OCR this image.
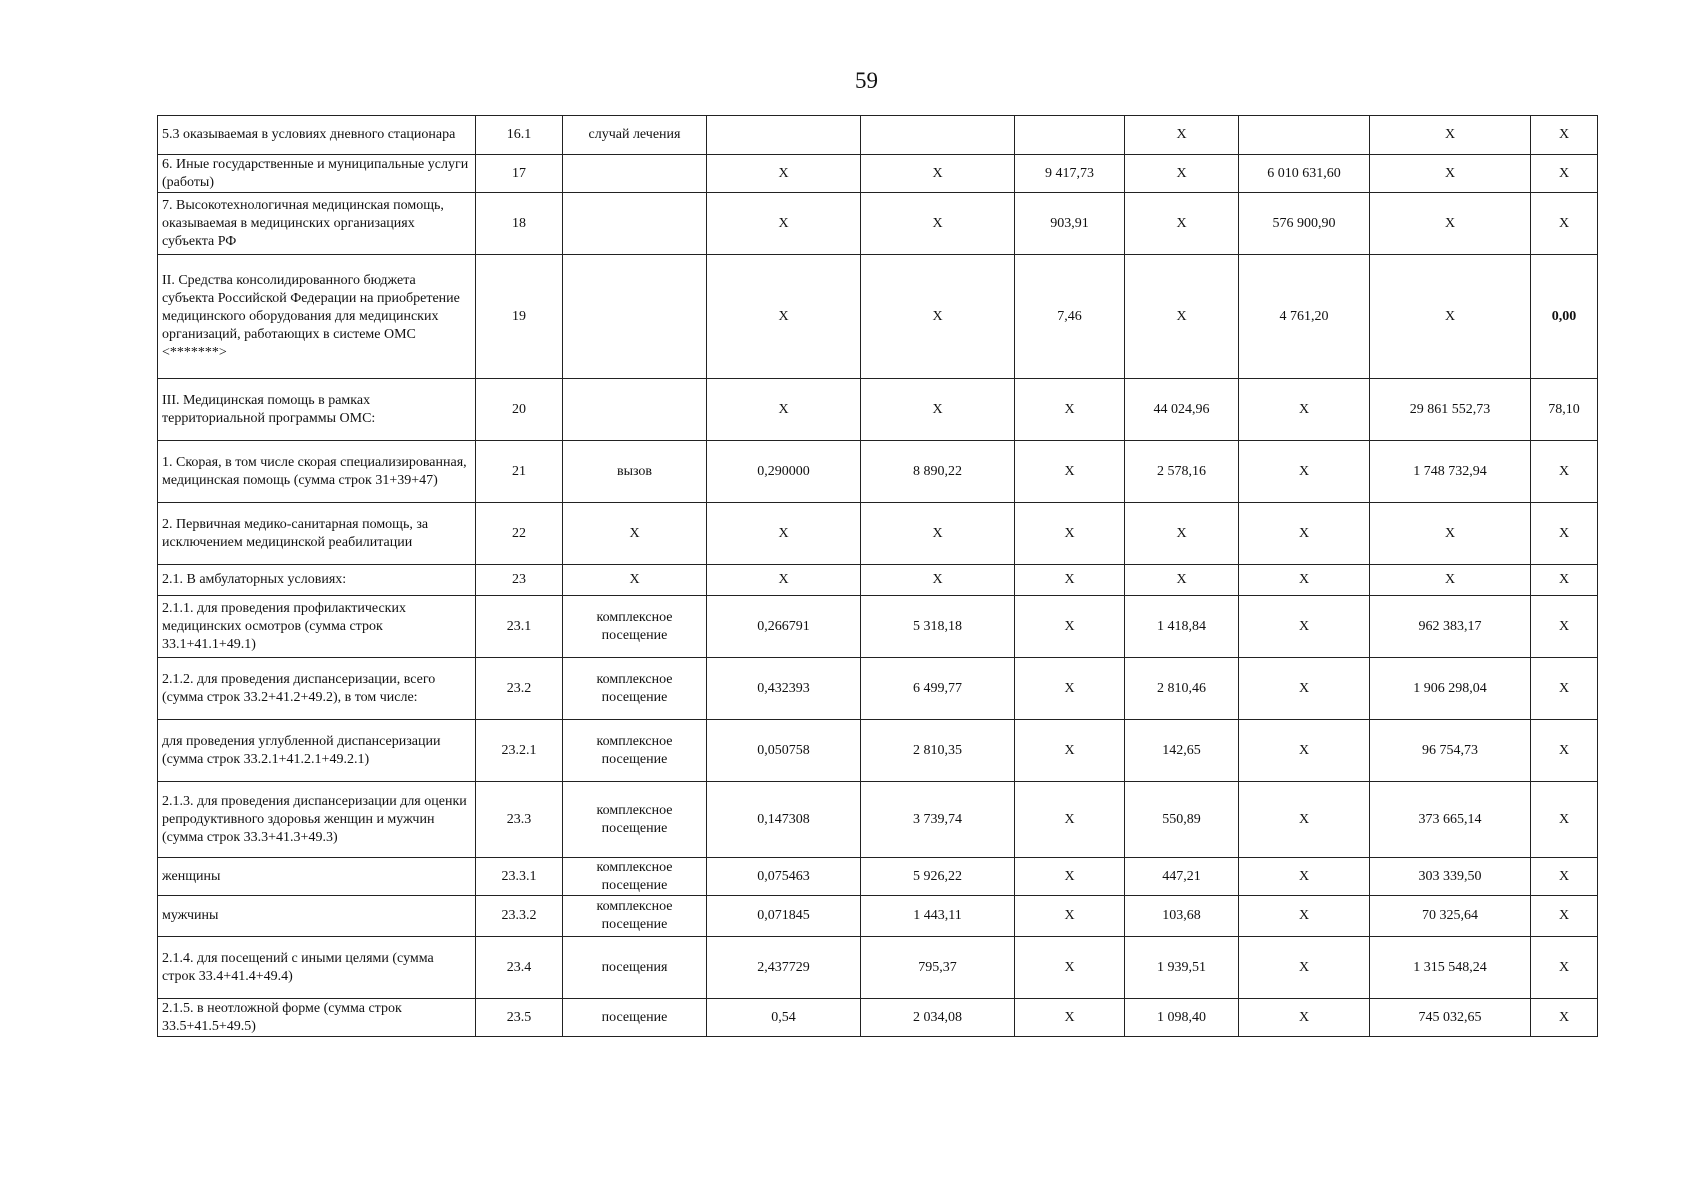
59
5.3 оказываемая в условиях дневного стационара	16.1	случай лечения				X		X	X
6. Иные государственные и муниципальные услуги (работы)	17		X	X	9 417,73	X	6 010 631,60	X	X
7. Высокотехнологичная медицинская помощь, оказываемая в медицинских организациях субъекта РФ	18		X	X	903,91	X	576 900,90	X	X
II. Средства консолидированного бюджета субъекта Российской Федерации на приобретение медицинского оборудования для медицинских организаций, работающих в системе ОМС <*******>	19		X	X	7,46	X	4 761,20	X	0,00
III. Медицинская помощь в рамках территориальной программы ОМС:	20		X	X	X	44 024,96	X	29 861 552,73	78,10
1. Скорая, в том числе скорая специализированная, медицинская помощь (сумма строк 31+39+47)	21	вызов	0,290000	8 890,22	X	2 578,16	X	1 748 732,94	X
2. Первичная медико-санитарная помощь, за исключением медицинской реабилитации	22	X	X	X	X	X	X	X	X
2.1. В амбулаторных условиях:	23	X	X	X	X	X	X	X	X
2.1.1. для проведения профилактических медицинских осмотров (сумма строк 33.1+41.1+49.1)	23.1	комплексное посещение	0,266791	5 318,18	X	1 418,84	X	962 383,17	X
2.1.2. для проведения диспансеризации, всего (сумма строк 33.2+41.2+49.2), в том числе:	23.2	комплексное посещение	0,432393	6 499,77	X	2 810,46	X	1 906 298,04	X
для проведения углубленной диспансеризации (сумма строк 33.2.1+41.2.1+49.2.1)	23.2.1	комплексное посещение	0,050758	2 810,35	X	142,65	X	96 754,73	X
2.1.3. для проведения диспансеризации для оценки репродуктивного здоровья женщин и мужчин (сумма строк 33.3+41.3+49.3)	23.3	комплексное посещение	0,147308	3 739,74	X	550,89	X	373 665,14	X
женщины	23.3.1	комплексное посещение	0,075463	5 926,22	X	447,21	X	303 339,50	X
мужчины	23.3.2	комплексное посещение	0,071845	1 443,11	X	103,68	X	70 325,64	X
2.1.4. для посещений с иными целями (сумма строк 33.4+41.4+49.4)	23.4	посещения	2,437729	795,37	X	1 939,51	X	1 315 548,24	X
2.1.5. в неотложной форме (сумма строк 33.5+41.5+49.5)	23.5	посещение	0,54	2 034,08	X	1 098,40	X	745 032,65	X
